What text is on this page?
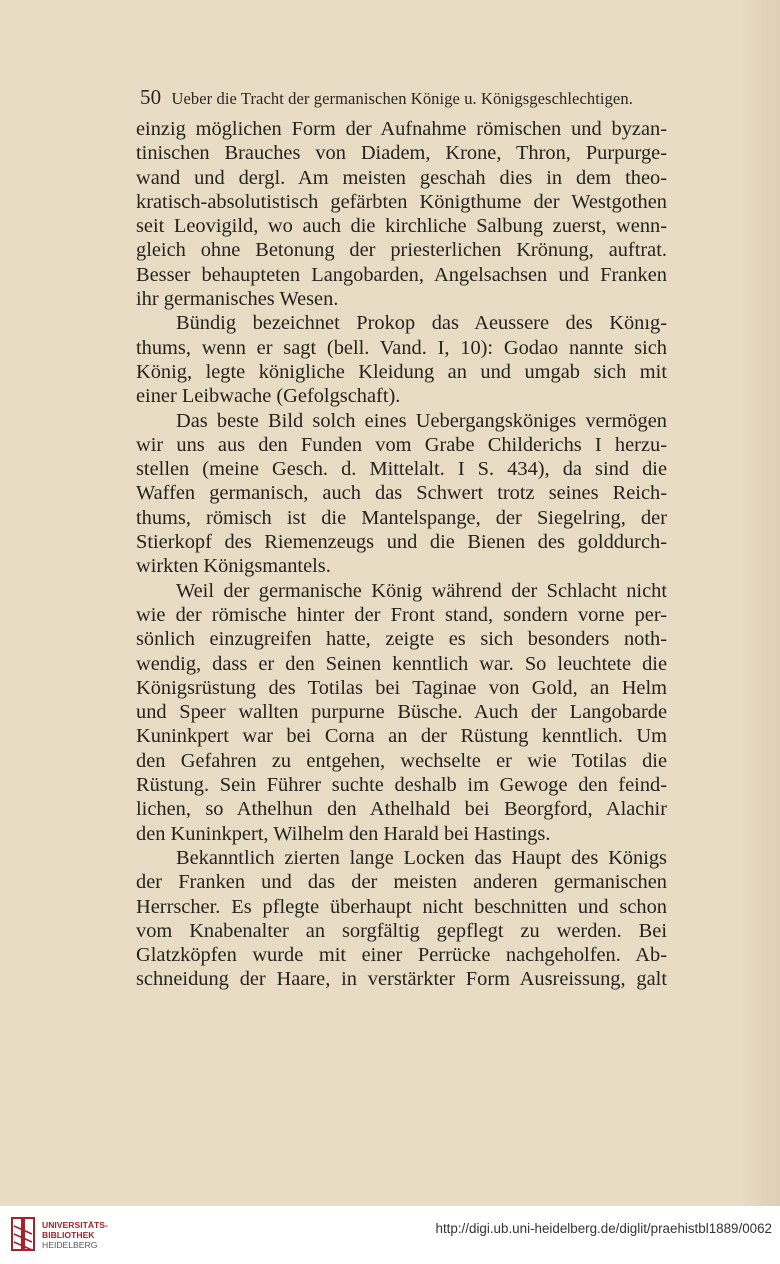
50 Ueber die Tracht der germanischen Könige u. Königsgeschlechtigen.
einzig möglichen Form der Aufnahme römischen und byzan-
tinischen Brauches von Diadem, Krone, Thron, Purpurge-
wand und dergl. Am meisten geschah dies in dem theo-
kratisch-absolutistisch gefärbten Königthume der Westgothen
seit Leovigild, wo auch die kirchliche Salbung zuerst, wenn-
gleich ohne Betonung der priesterlichen Krönung, auftrat.
Besser behaupteten Langobarden, Angelsachsen und Franken
ihr germanisches Wesen.
Bündig bezeichnet Prokop das Aeussere des Könıg-
thums, wenn er sagt (bell. Vand. I, 10): Godao nannte sich
König, legte königliche Kleidung an und umgab sich mit
einer Leibwache (Gefolgschaft).
Das beste Bild solch eines Uebergangsköniges vermögen
wir uns aus den Funden vom Grabe Childerichs I herzu-
stellen (meine Gesch. d. Mittelalt. I S. 434), da sind die
Waffen germanisch, auch das Schwert trotz seines Reich-
thums, römisch ist die Mantelspange, der Siegelring, der
Stierkopf des Riemenzeugs und die Bienen des golddurch-
wirkten Königsmantels.
Weil der germanische König während der Schlacht nicht
wie der römische hinter der Front stand, sondern vorne per-
sönlich einzugreifen hatte, zeigte es sich besonders noth-
wendig, dass er den Seinen kenntlich war. So leuchtete die
Königsrüstung des Totilas bei Taginae von Gold, an Helm
und Speer wallten purpurne Büsche. Auch der Langobarde
Kuninkpert war bei Corna an der Rüstung kenntlich. Um
den Gefahren zu entgehen, wechselte er wie Totilas die
Rüstung. Sein Führer suchte deshalb im Gewoge den feind-
lichen, so Athelhun den Athelhald bei Beorgford, Alachir
den Kuninkpert, Wilhelm den Harald bei Hastings.
Bekanntlich zierten lange Locken das Haupt des Königs
der Franken und das der meisten anderen germanischen
Herrscher. Es pflegte überhaupt nicht beschnitten und schon
vom Knabenalter an sorgfältig gepflegt zu werden. Bei
Glatzköpfen wurde mit einer Perrücke nachgeholfen. Ab-
schneidung der Haare, in verstärkter Form Ausreissung, galt
UNIVERSITÄTS-
BIBLIOTHEK
HEIDELBERG
http://digi.ub.uni-heidelberg.de/diglit/praehistbl1889/0062
